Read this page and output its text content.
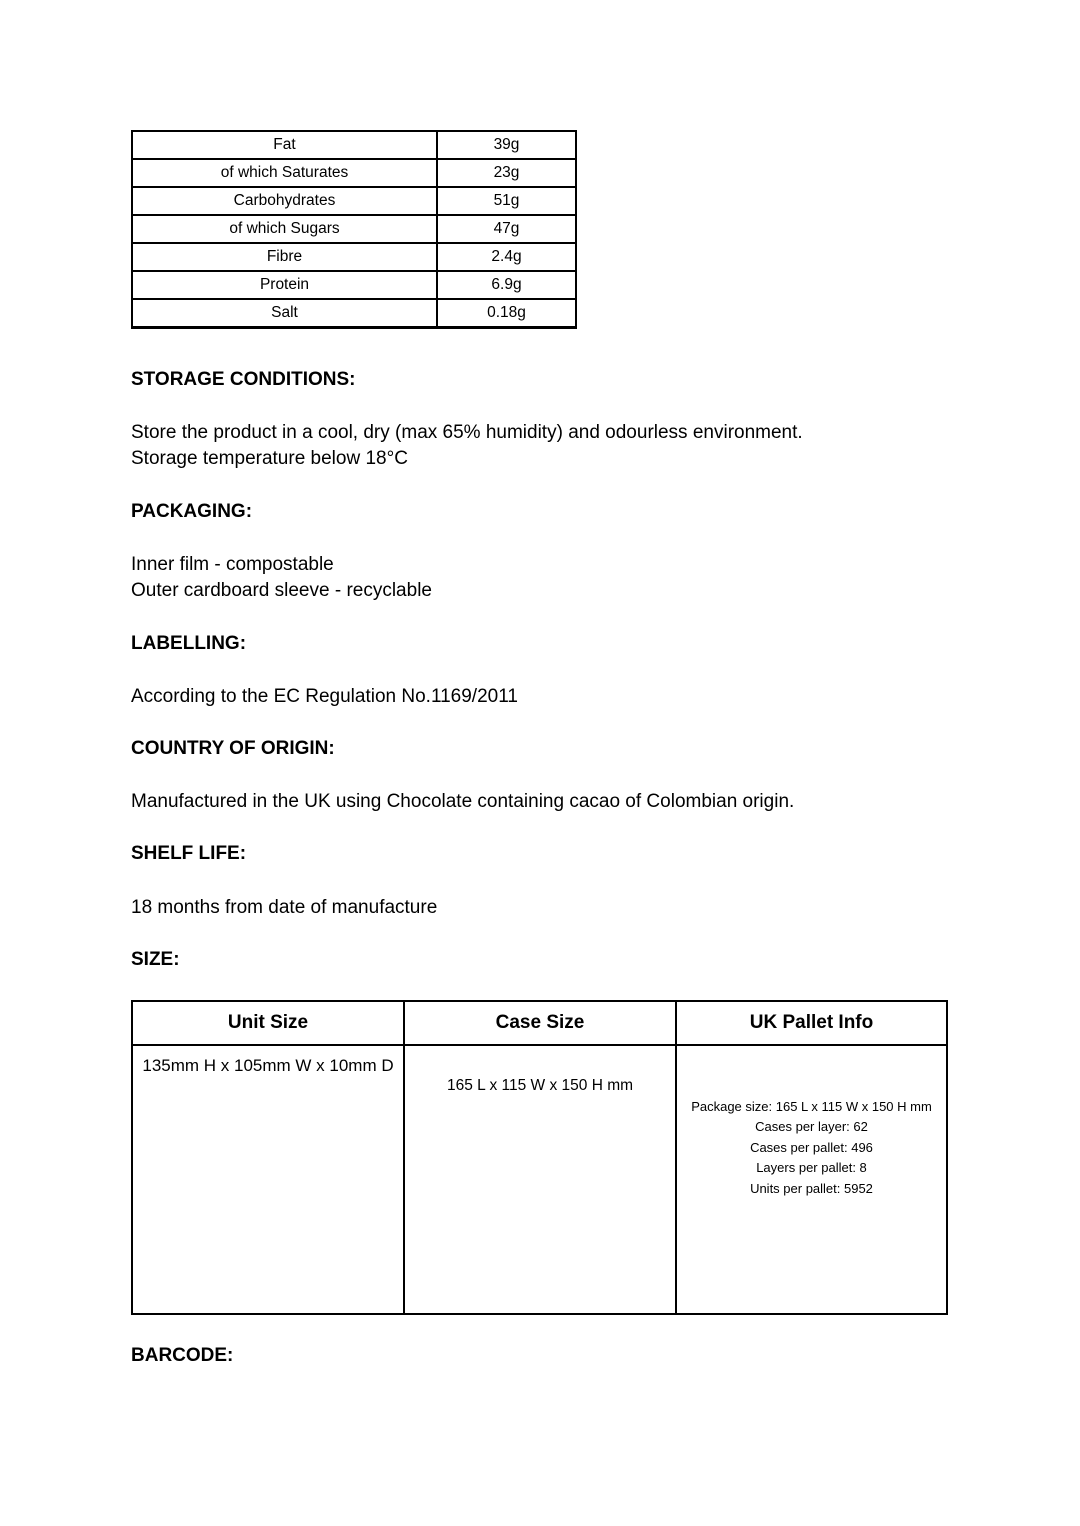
Fat	39g
of which Saturates	23g
Carbohydrates	51g
of which Sugars	47g
Fibre	2.4g
Protein	6.9g
Salt	0.18g
STORAGE CONDITIONS:
Store the product in a cool, dry (max 65% humidity) and odourless environment.
Storage temperature below 18°C
PACKAGING:
Inner film - compostable
Outer cardboard sleeve - recyclable
LABELLING:
According to the EC Regulation No.1169/2011
COUNTRY OF ORIGIN:
Manufactured in the UK using Chocolate containing cacao of Colombian origin.
SHELF LIFE:
18 months from date of manufacture
SIZE:
Unit Size	Case Size	UK Pallet Info

135mm H x 105mm W x 10mm D	165 L x 115 W x 150 H mm	Package size: 165 L x 115 W x 150 H mm
Cases per layer: 62
Cases per pallet: 496
Layers per pallet: 8
Units per pallet: 5952
BARCODE:
